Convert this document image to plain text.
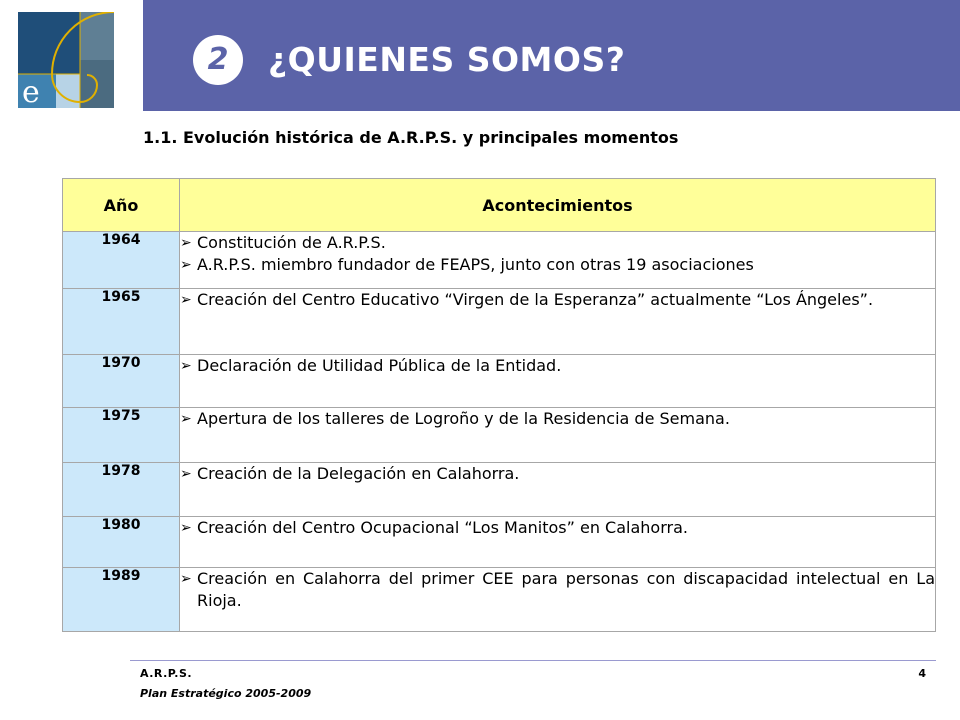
e
2	¿QUIENES SOMOS?
1.1. Evolución histórica de A.R.P.S. y principales momentos
Año	Acontecimientos
1964	➢ Constitución de A.R.P.S.
➢ A.R.P.S. miembro fundador de FEAPS, junto con otras 19 asociaciones

1965	➢ Creación del Centro Educativo “Virgen de la Esperanza” actualmente “Los Ángeles”.

1970	➢ Declaración de Utilidad Pública de la Entidad.

1975	➢ Apertura de los talleres de Logroño y de la Residencia de Semana.

1978	➢ Creación de la Delegación en Calahorra.

1980	➢ Creación del Centro Ocupacional “Los Manitos” en Calahorra.

1989	➢ Creación en Calahorra del primer CEE para personas con discapacidad intelectual en La Rioja.
A.R.P.S.
Plan Estratégico 2005-2009
4
